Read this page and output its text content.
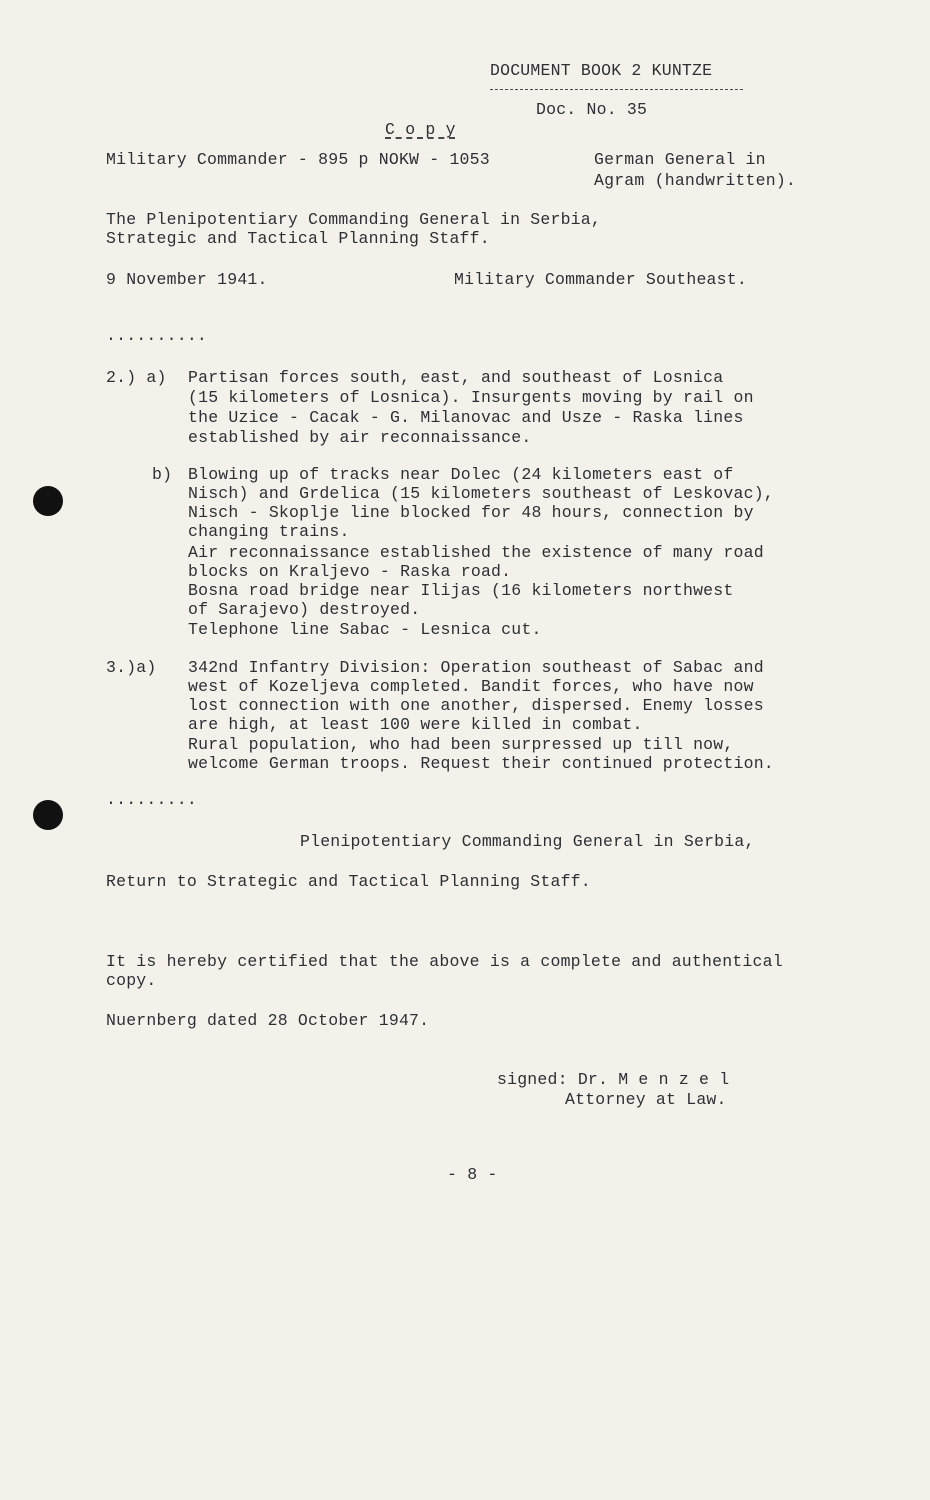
DOCUMENT BOOK 2 KUNTZE
Doc. No. 35
C o p y
Military Commander - 895 p NOKW - 1053	German General in
Agram (handwritten).
The Plenipotentiary Commanding General in Serbia,
Strategic and Tactical Planning Staff.
9 November 1941.	Military Commander Southeast.
..........
2.) a) Partisan forces south, east, and southeast of Losnica
(15 kilometers of Losnica). Insurgents moving by rail on
the Uzice - Cacak - G. Milanovac and Usze - Raska lines
established by air reconnaissance.
b) Blowing up of tracks near Dolec (24 kilometers east of
Nisch) and Grdelica (15 kilometers southeast of Leskovac),
Nisch - Skoplje line blocked for 48 hours, connection by
changing trains.
Air reconnaissance established the existence of many road
blocks on Kraljevo - Raska road.
Bosna road bridge near Ilijas (16 kilometers northwest
of Sarajevo) destroyed.
Telephone line Sabac - Lesnica cut.
3.)a) 342nd Infantry Division: Operation southeast of Sabac and
west of Kozeljeva completed. Bandit forces, who have now
lost connection with one another, dispersed. Enemy losses
are high, at least 100 were killed in combat.
Rural population, who had been surpressed up till now,
welcome German troops. Request their continued protection.
.........
Plenipotentiary Commanding General in Serbia,
Return to Strategic and Tactical Planning Staff.
It is hereby certified that the above is a complete and authentical
copy.
Nuernberg dated 28 October 1947.
signed: Dr. M e n z e l
Attorney at Law.
- 8 -
